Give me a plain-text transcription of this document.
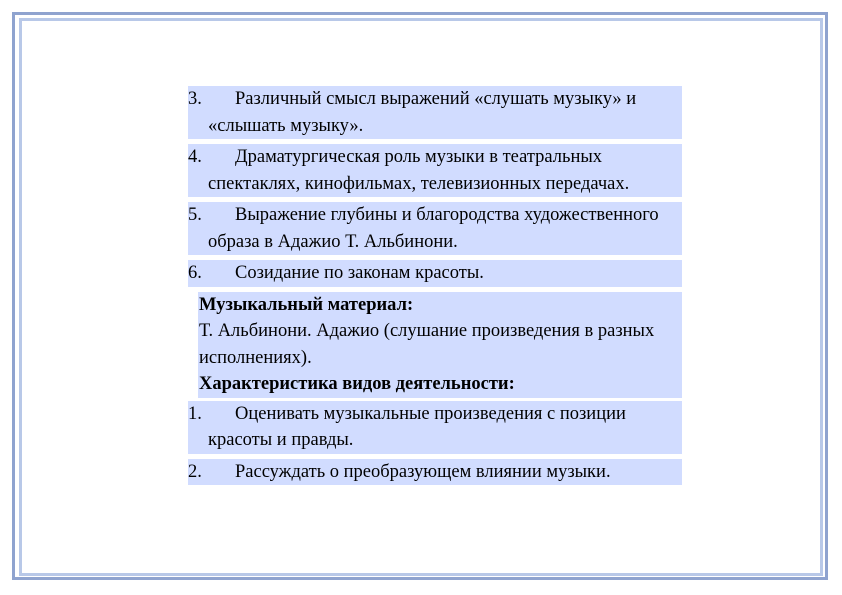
3.	Различный смысл выражений «слушать музыку» и «слышать музыку».
4.	Драматургическая роль музыки в театральных спектаклях, кинофильмах, телевизионных передачах.
5.	Выражение глубины и благородства художественного образа в Адажио Т. Альбинони.
6.	Созидание по законам красоты.
Музыкальный материал:
Т. Альбинони. Адажио (слушание произведения в разных исполнениях).
Характеристика видов деятельности:
1.	Оценивать музыкальные произведения с позиции красоты и правды.
2.	Рассуждать о преобразующем влиянии музыки.
